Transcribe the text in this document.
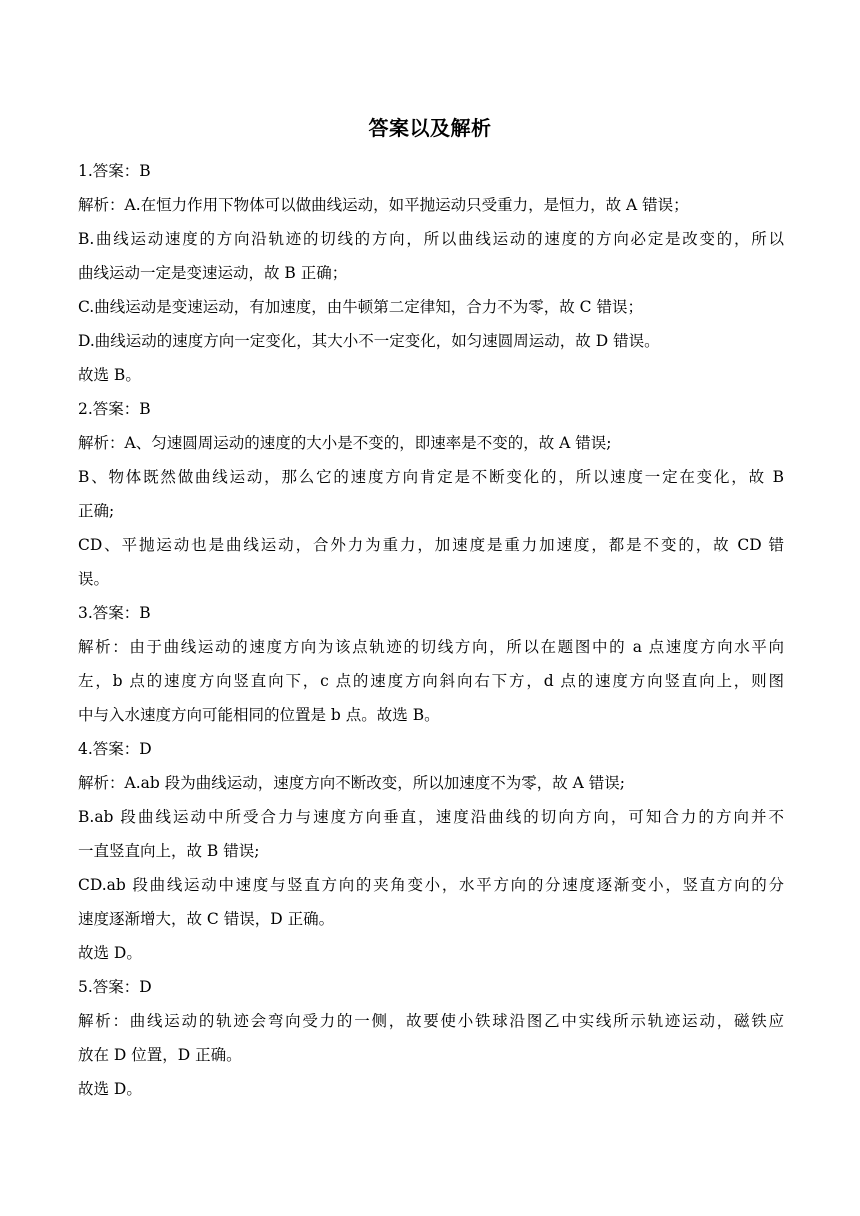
答案以及解析
1.答案：B
解析：A.在恒力作用下物体可以做曲线运动，如平抛运动只受重力，是恒力，故 A 错误；
B.曲线运动速度的方向沿轨迹的切线的方向，所以曲线运动的速度的方向必定是改变的，所以
曲线运动一定是变速运动，故 B 正确；
C.曲线运动是变速运动，有加速度，由牛顿第二定律知，合力不为零，故 C 错误；
D.曲线运动的速度方向一定变化，其大小不一定变化，如匀速圆周运动，故 D 错误。
故选 B。
2.答案：B
解析：A、匀速圆周运动的速度的大小是不变的，即速率是不变的，故 A 错误;
B、物体既然做曲线运动，那么它的速度方向肯定是不断变化的，所以速度一定在变化，故 B
正确;
CD、平抛运动也是曲线运动，合外力为重力，加速度是重力加速度，都是不变的，故 CD 错
误。
3.答案：B
解析：由于曲线运动的速度方向为该点轨迹的切线方向，所以在题图中的 a 点速度方向水平向
左，b 点的速度方向竖直向下，c 点的速度方向斜向右下方，d 点的速度方向竖直向上，则图
中与入水速度方向可能相同的位置是 b 点。故选 B。
4.答案：D
解析：A.ab 段为曲线运动，速度方向不断改变，所以加速度不为零，故 A 错误;
B.ab 段曲线运动中所受合力与速度方向垂直，速度沿曲线的切向方向，可知合力的方向并不
一直竖直向上，故 B 错误;
CD.ab 段曲线运动中速度与竖直方向的夹角变小，水平方向的分速度逐渐变小，竖直方向的分
速度逐渐增大，故 C 错误，D 正确。
故选 D。
5.答案：D
解析：曲线运动的轨迹会弯向受力的一侧，故要使小铁球沿图乙中实线所示轨迹运动，磁铁应
放在 D 位置，D 正确。
故选 D。
